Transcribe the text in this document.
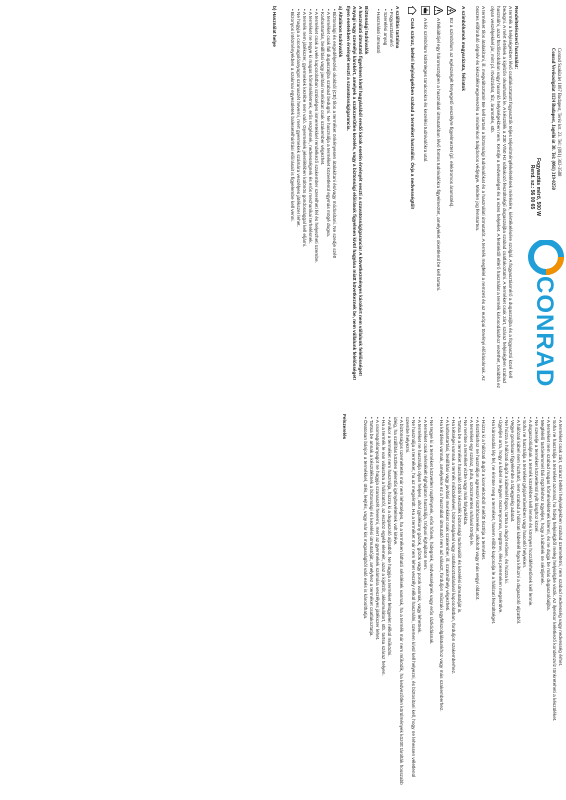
Conrad Szaküzlet 1067 Budapest, Teréz krt. 23. Tel: (061) 302-3588
Conrad Vevőszolgálat 1124 Budapest, Jagelló út 30. Tel: (061) 319-0250
Fogyasztás mérő, 500 W
Rend. sz.: 56 00 65
CONRAD
Rendeltetésszerű használat:
A termék a helyiségekben lévő csatlakoztatott fogyasztók teljes teljesítményfelvételének mérésére, kiértékelésére szolgál. A fogyasztásmérő a dugaszaljba és a fogyasztó közé kell bedugni. A mért értékek a kijelzőn olvashatók le. A készülék a 230 V/50 Hz váltakozó feszültségű dugaszaljba szabad csatlakoztatni. A terméket csak zárt, száraz helyiségben szabad használni, azaz fürdőszobában vagy hasonló helyiségekben nem. Kerülje a nedvességet és a vizes helyeket. A fentiektől eltérő használat a termék károsodásához vezethet, továbbá ez olyan veszélyekkel jár, mint pl. rövidzárlat, tűz, áramütés, stb.
A terméket tilos átalakítani, ill. megváltoztatni! Be kell tartani a biztonsági tudnivalókat és a használati útmutatót. A termék megfelel a nemzeti és az európai törvényi előírásoknak. Az összes előforduló cégnév és készülékmegnevezés a mindenkori tulajdonos védjegye. Minden jog fenntartva.
A szimbólumok magyarázata, feliratok
Ez a szimbólum az egészségét fenyegető veszélyre figyelmeztet (pl. elektromos áramütés).
A felkiáltójel egy háromszögben a használati útmutatóban lévő fontos tudnivalókra figyelmeztet, amelyeket okvetlenül be kell tartani.
A kéz szimbólum különleges tanácsokra és kezelési tudnivalókra utal.
Csak száraz, beltéri helyiségekben szabad a terméket használni. Óvja a nedvességtől!
A szállítás tartalma
• Fogyasztásmérő
• Szerelési anyag
• Használati útmutató
Biztonsági tudnivalók
A használati útmutató figyelmen kívül hagyásából eredő károk esetén érvényét veszti a szavatosság/garancia! A következményes károkért nem vállalunk felelősséget!
Anyagi vagy személyi károkért, amelyek a szakszerűtlen kezelés, vagy a biztonsági előírások figyelmen kívül hagyása miatt következnek be, nem vállalunk felelősséget! Ilyen esetekben érvényét veszti a szavatosság/garancia.
a) Általános tudnivalók
• Biztonsági és engedélyezési okokból (CE) tilos a terméket önkényesen átalakítani és/vagy módosítani. Ne szedje szét!
• A terméket csak fali dugaszaljba szabad bedugni. Ne használja a terméket közvetlenül egymás mögé dugva.
• Karbantartás, beállítási vagy javítási munkákat csak szakember végezhet.
• A terméket csak a vele kapcsolatban szükséges ismeretekkel rendelkező szakember szerelheti fel és helyezheti üzembe.
• A terméket ne tegye ki magas hőmérsékletnek, erős rezgésnek, nedvességnek és erős mechanikai terhelésnek.
• A termék nem játékszer, gyermekek kezébe nem való. Gyermekek jelenlétében különös gondossággal kell eljárni.
• Ne hagyja a csomagolóanyagot szanaszét heverni, mert gyermekek számára veszélyes játékszer lehet.
• Bizonyos intézményekben a szakmai egyesületek balesetelhárítási előírásait is figyelembe kell venni.
b) Használat helye
• A terméket csak zárt, száraz beltéri helyiségekben szabad üzemeltetni, nem szabad nedvesség vagy nedvesség érhet.
• Soha ne használja a terméket azonnal, ha hideg helyiségből meleg helyiségbe viszik. Az ilyenkor keletkező kondenzvíz tönkreteheti a készüléket.
• A terméket nem szabad magas hőmérsékletnek kitenni, és ne dugja be más dugaszolóaljba.
• Megfelelő tartóelemmel fali rögzítéshez ügyeljen, hogy a kábelek ne sérüljenek.
• Ne szerelje a terméket közvetlenül nyílt lánghoz közel.
• A dugaszolóaljnak a termék közelében kell lennie és könnyen hozzáférhetőnek kell lennie.
• Soha ne használja a terméket gépjárművekben vagy hasonló helyeken.
• A hálózati kábel nem húzható, nem szabad a hálózati kábelnél fogva kihúzni a dugaszoló aljzatból.
• Vegye gondosan figyelembe a tápegység adatait.
• Ne húzza a hálózati dugót a kábelnél fogva; tartsa a dugót erősen, és húzza ki.
• Ügyeljen arra, hogy a kábel ne legyen összenyomva, megtörve, éles peremeken megsérülve.
• Ha károsodás lép fel, ne érintse meg a terméket, hanem előbb kapcsolja le a hálózati feszültséget.
• Húzza ki a hálózati dugót a konnektorból mielőtt tisztítja a terméket.
• A tisztításhoz ne használjon agresszív tisztítószereket, alkoholt vagy más vegyi oldatot.
• A terméket egy száraz, puha, szöszmentes ruhával törölje le.
• Ne merítse a terméket vízbe vagy más folyadékba.
• Tartsa be a terméket használó többi készülék biztonsági tudnivalóit és kezelési útmutatóját is.
• Ha kétségei vannak a termék működésével, biztonságával vagy csatlakoztatásával kapcsolatban, forduljon szakemberhez.
• A karbantartási, beállítási vagy javítási munkákat csak szakember, ill. szakműhely végezheti.
• Ha kérdései vannak, amelyekre ez a használati útmutató nem ad választ, forduljon műszaki ügyfélszolgálatunkhoz vagy más szakemberhez.
• Ne tegye ki a terméket közvetlen napfénynek, erős hőnek, hidegnek, nedvességnek vagy erős rázkódásnak.
• A terméket csak mérsékelt éghajlaton használja, trópusi éghajlaton nem.
• A terméket ne használja olyan helyen, ahol gyúlékony gázok, gőzök vagy porok vannak, vagy lehetnek.
• Ne használja a terméket, ha az megsérült. Ha a terméket már nem lehet veszély nélkül használni, üzemen kívül kell helyezni, és biztosítani kell, hogy ne lehessen véletlenül üzembe helyezni.
• A biztonságos üzemeltetés már nem lehetséges, ha a terméken látható sérülések vannak, ha a termék már nem működik, ha kedvezőtlen körülmények között tárolták hosszabb ideig, ha szállítás közben jelentős igénybevételnek volt kitéve.
• Amikor a terméket nem használja, húzza ki a dugaszoló aljzatból. Ne hagyja a terméket felügyelet nélkül működni.
• Ha a termék le van választva a hálózatról, az eszköz egyéb elemeit, azaz a kijelzőt, akkumulátort, stb. tartsa száraz helyen.
• A csomagolóanyagot ne hagyja szanaszét heverni, mert az gyermekek számára veszélyes játékszer lehet.
• Tartsa be annak a készüléknek a biztonsági és kezelési útmutatóját, amelyhez a terméket csatlakoztatja.
• Óvatosan bánjon a termékkel, ütés, leejtés, vagy már kis magasságból való esés is károsíthatja.
Felszerelés
